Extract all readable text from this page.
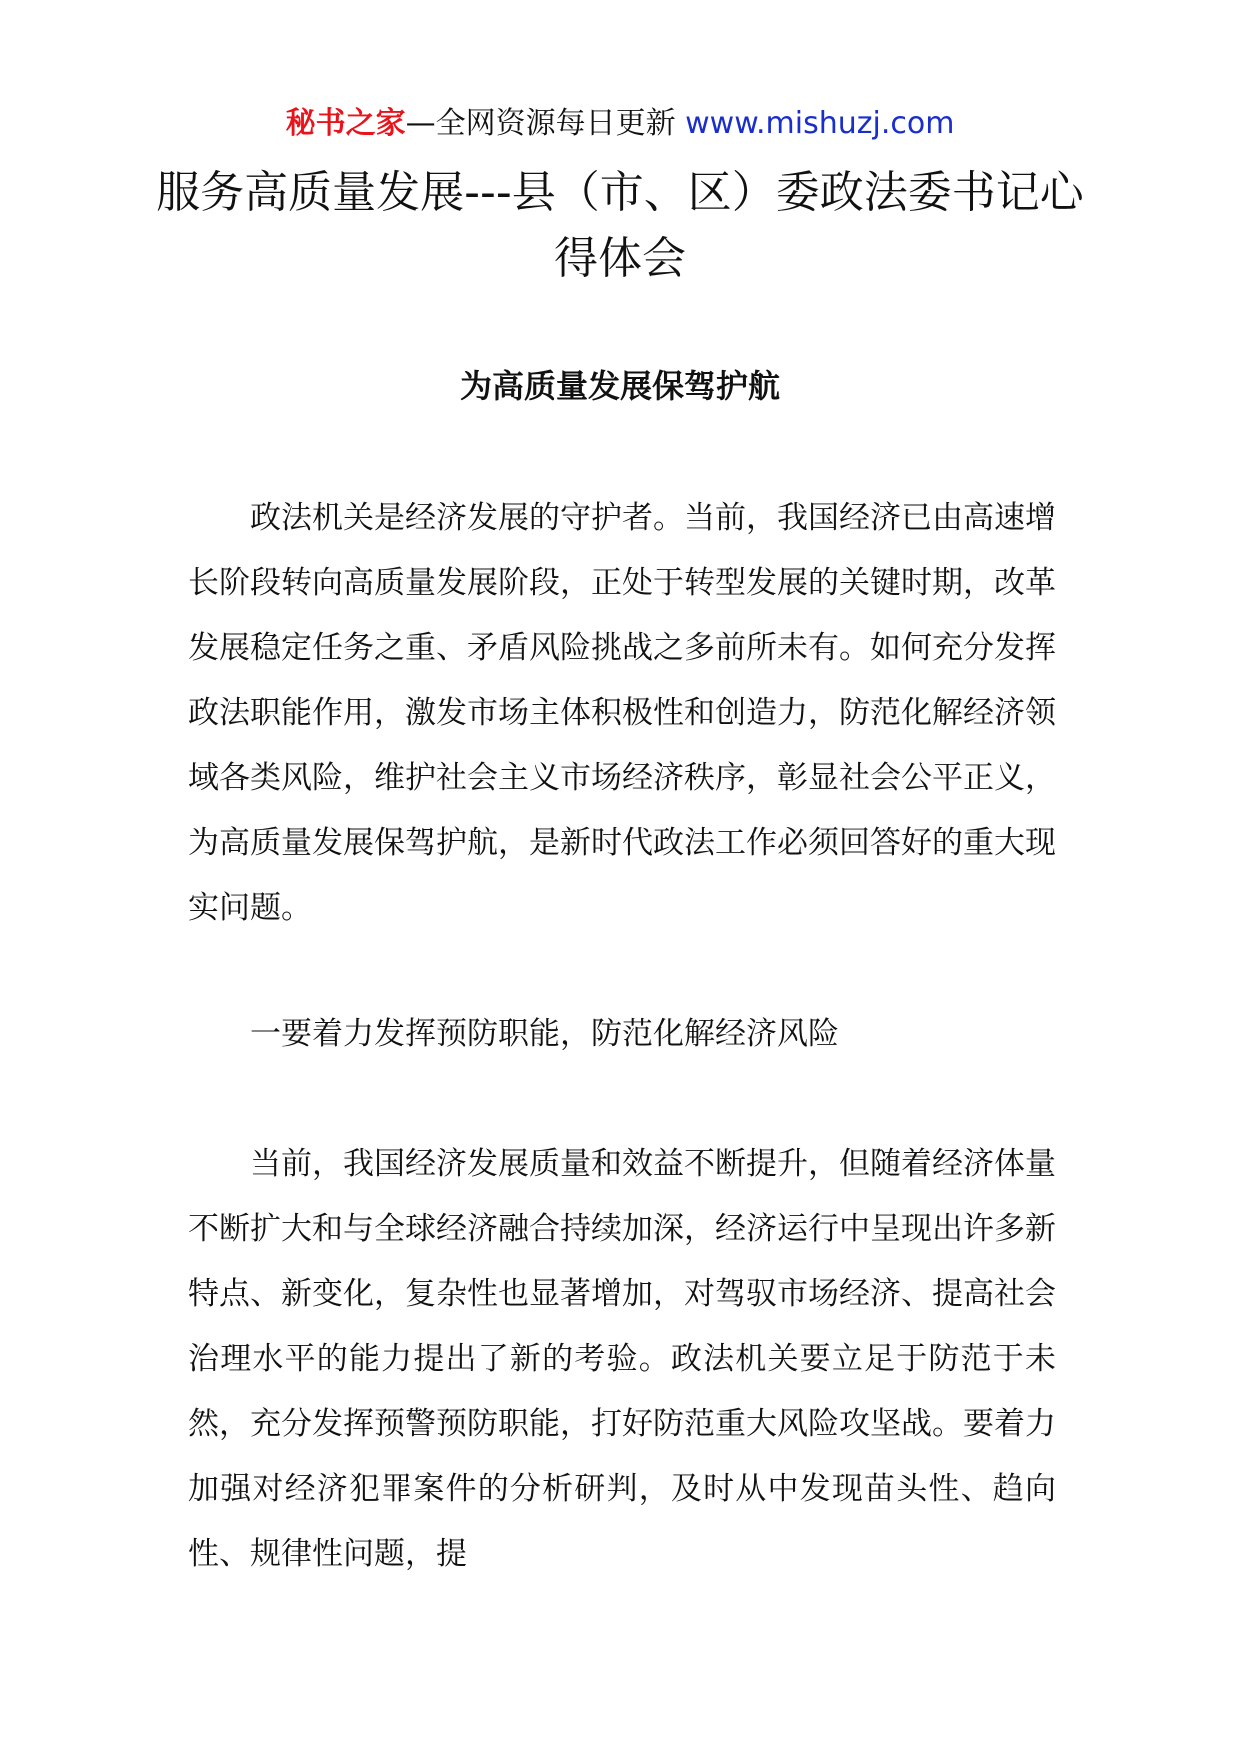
秘书之家—全网资源每日更新 www.mishuzj.com
服务高质量发展---县（市、区）委政法委书记心得体会
为高质量发展保驾护航

政法机关是经济发展的守护者。当前，我国经济已由高速增长阶段转向高质量发展阶段，正处于转型发展的关键时期，改革发展稳定任务之重、矛盾风险挑战之多前所未有。如何充分发挥政法职能作用，激发市场主体积极性和创造力，防范化解经济领域各类风险，维护社会主义市场经济秩序，彰显社会公平正义，为高质量发展保驾护航，是新时代政法工作必须回答好的重大现实问题。

一要着力发挥预防职能，防范化解经济风险

当前，我国经济发展质量和效益不断提升，但随着经济体量不断扩大和与全球经济融合持续加深，经济运行中呈现出许多新特点、新变化，复杂性也显著增加，对驾驭市场经济、提高社会治理水平的能力提出了新的考验。政法机关要立足于防范于未然，充分发挥预警预防职能，打好防范重大风险攻坚战。要着力加强对经济犯罪案件的分析研判，及时从中发现苗头性、趋向性、规律性问题，提
